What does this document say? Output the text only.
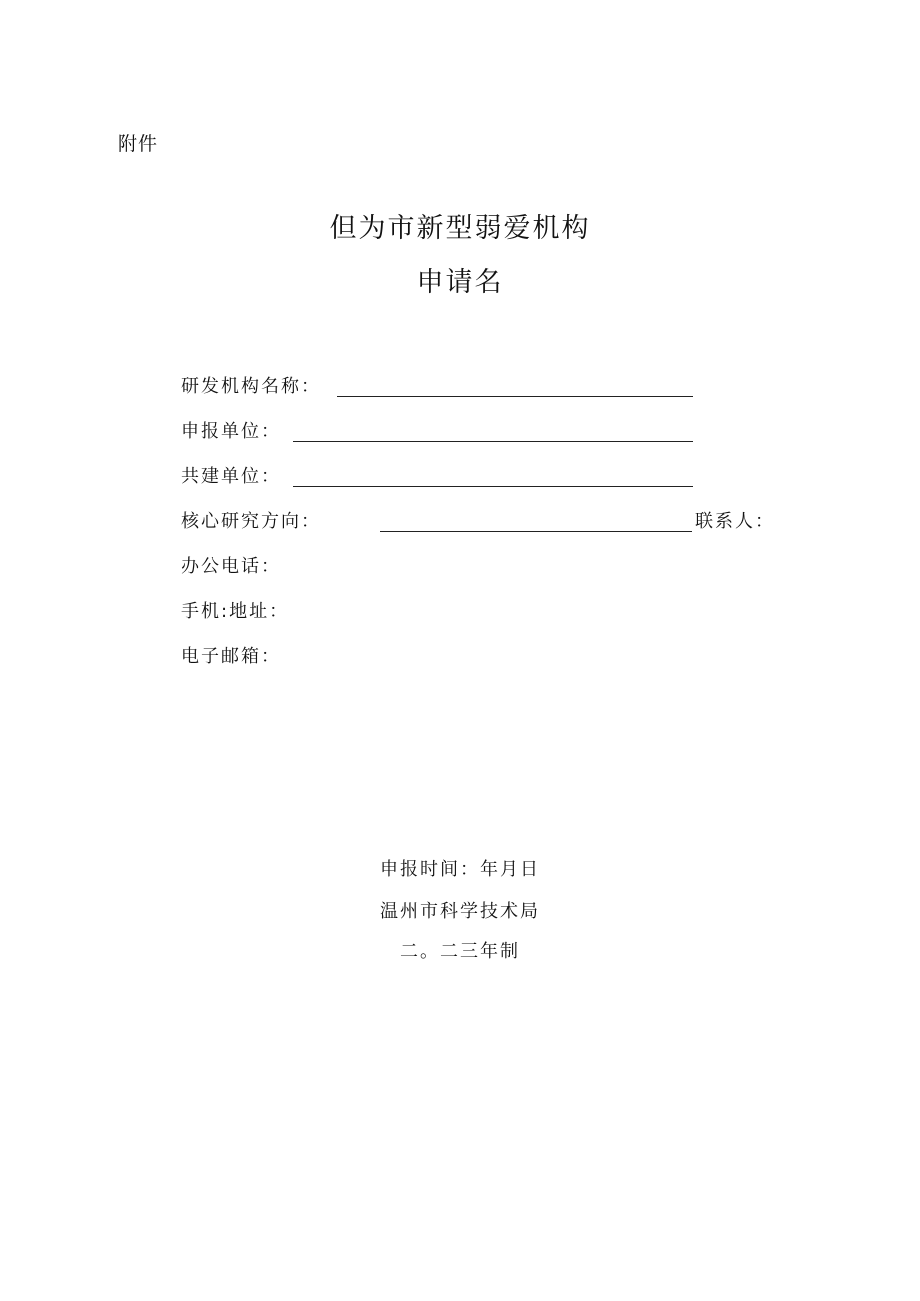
附件
但为市新型弱爱机构
申请名
研发机构名称：
申报单位：
共建单位：
核心研究方向：	联系人：
办公电话：
手机:地址：
电子邮箱：
申报时间：年月日
温州市科学技术局
二。二三年制
